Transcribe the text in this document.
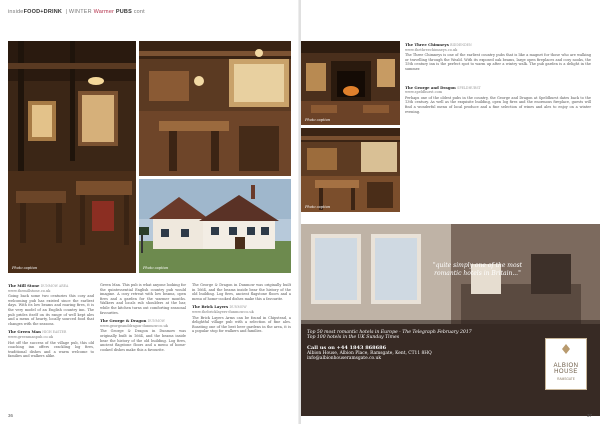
insideFOOD+DRINK  | WINTER Warmer PUBS cont
Photo caption	Photo caption
The Mill Stone DUNMOW AREA
www.themillstone.co.uk

Going back some two centuries this cosy and welcoming pub has existed since the earliest days. With its low beams and roaring fires, it is the very model of an English country inn. The pub prides itself on its range of well kept ales and a menu of hearty, locally sourced food that changes with the seasons.

The Green Man HIGH EASTER
www.greenmanpub.co.uk

Hot off the success of the village pub, this old coaching inn offers crackling log fires, traditional dishes and a warm welcome to families and walkers alike.

Green Man. This pub is what anyone looking for the quintessential English country pub would imagine. A cosy retreat with low beams, open fires and a garden for the warmer months. Walkers and locals rub shoulders at the bar, while the kitchen turns out comforting seasonal favourites.

The George & Dragon DUNMOW
www.georgeanddragon-dunmow.co.uk

The George & Dragon in Dunmow was originally built in 1664, and the beams inside bear the history of the old building. Log fires, ancient flagstone floors and a menu of home-cooked dishes make this a favourite.

The George & Dragon in Dunmow was originally built in 1664, and the beams inside bear the history of the old building. Log fires, ancient flagstone floors and a menu of home-cooked dishes make this a favourite.

The Brick Layers DUNMOW
www.thebricklayers-dunmow.co.uk

The Brick Layers Arms can be found in Chipstead, a delightful village pub with a selection of fine ales. Boasting one of the best beer gardens in the area, it is a popular stop for walkers and families.

36
Photo caption
Photo caption
The Three Chimneys BIDDENDEN
www.thethreechimneys.co.uk

The Three Chimneys is one of the earliest country pubs that is like a magnet for those who are walking or travelling through the Weald. With its exposed oak beams, large open fireplaces and cosy nooks, the 15th century inn is the perfect spot to warm up after a wintry walk. The pub garden is a delight in the summer.

The George and Dragon SPELDHURST
www.speldhurst.com

Perhaps one of the oldest pubs in the country, the George and Dragon at Speldhurst dates back to the 13th century. As well as the exquisite building, open log fires and the enormous fireplace, guests will find a wonderful menu of local produce and a fine selection of wines and ales to enjoy on a winter evening.

"quite simply one of the most romantic hotels in Britain..."
Top 50 most romantic hotels in Europe - The Telegraph February 2017
Top 100 hotels in the UK Sunday Times
Call us on +44 1843 868686
Albion House, Albion Place, Ramsgate, Kent, CT11 8HQ
info@albionhouseramsgate.co.uk
ALBION
HOUSE
RAMSGATE
37
